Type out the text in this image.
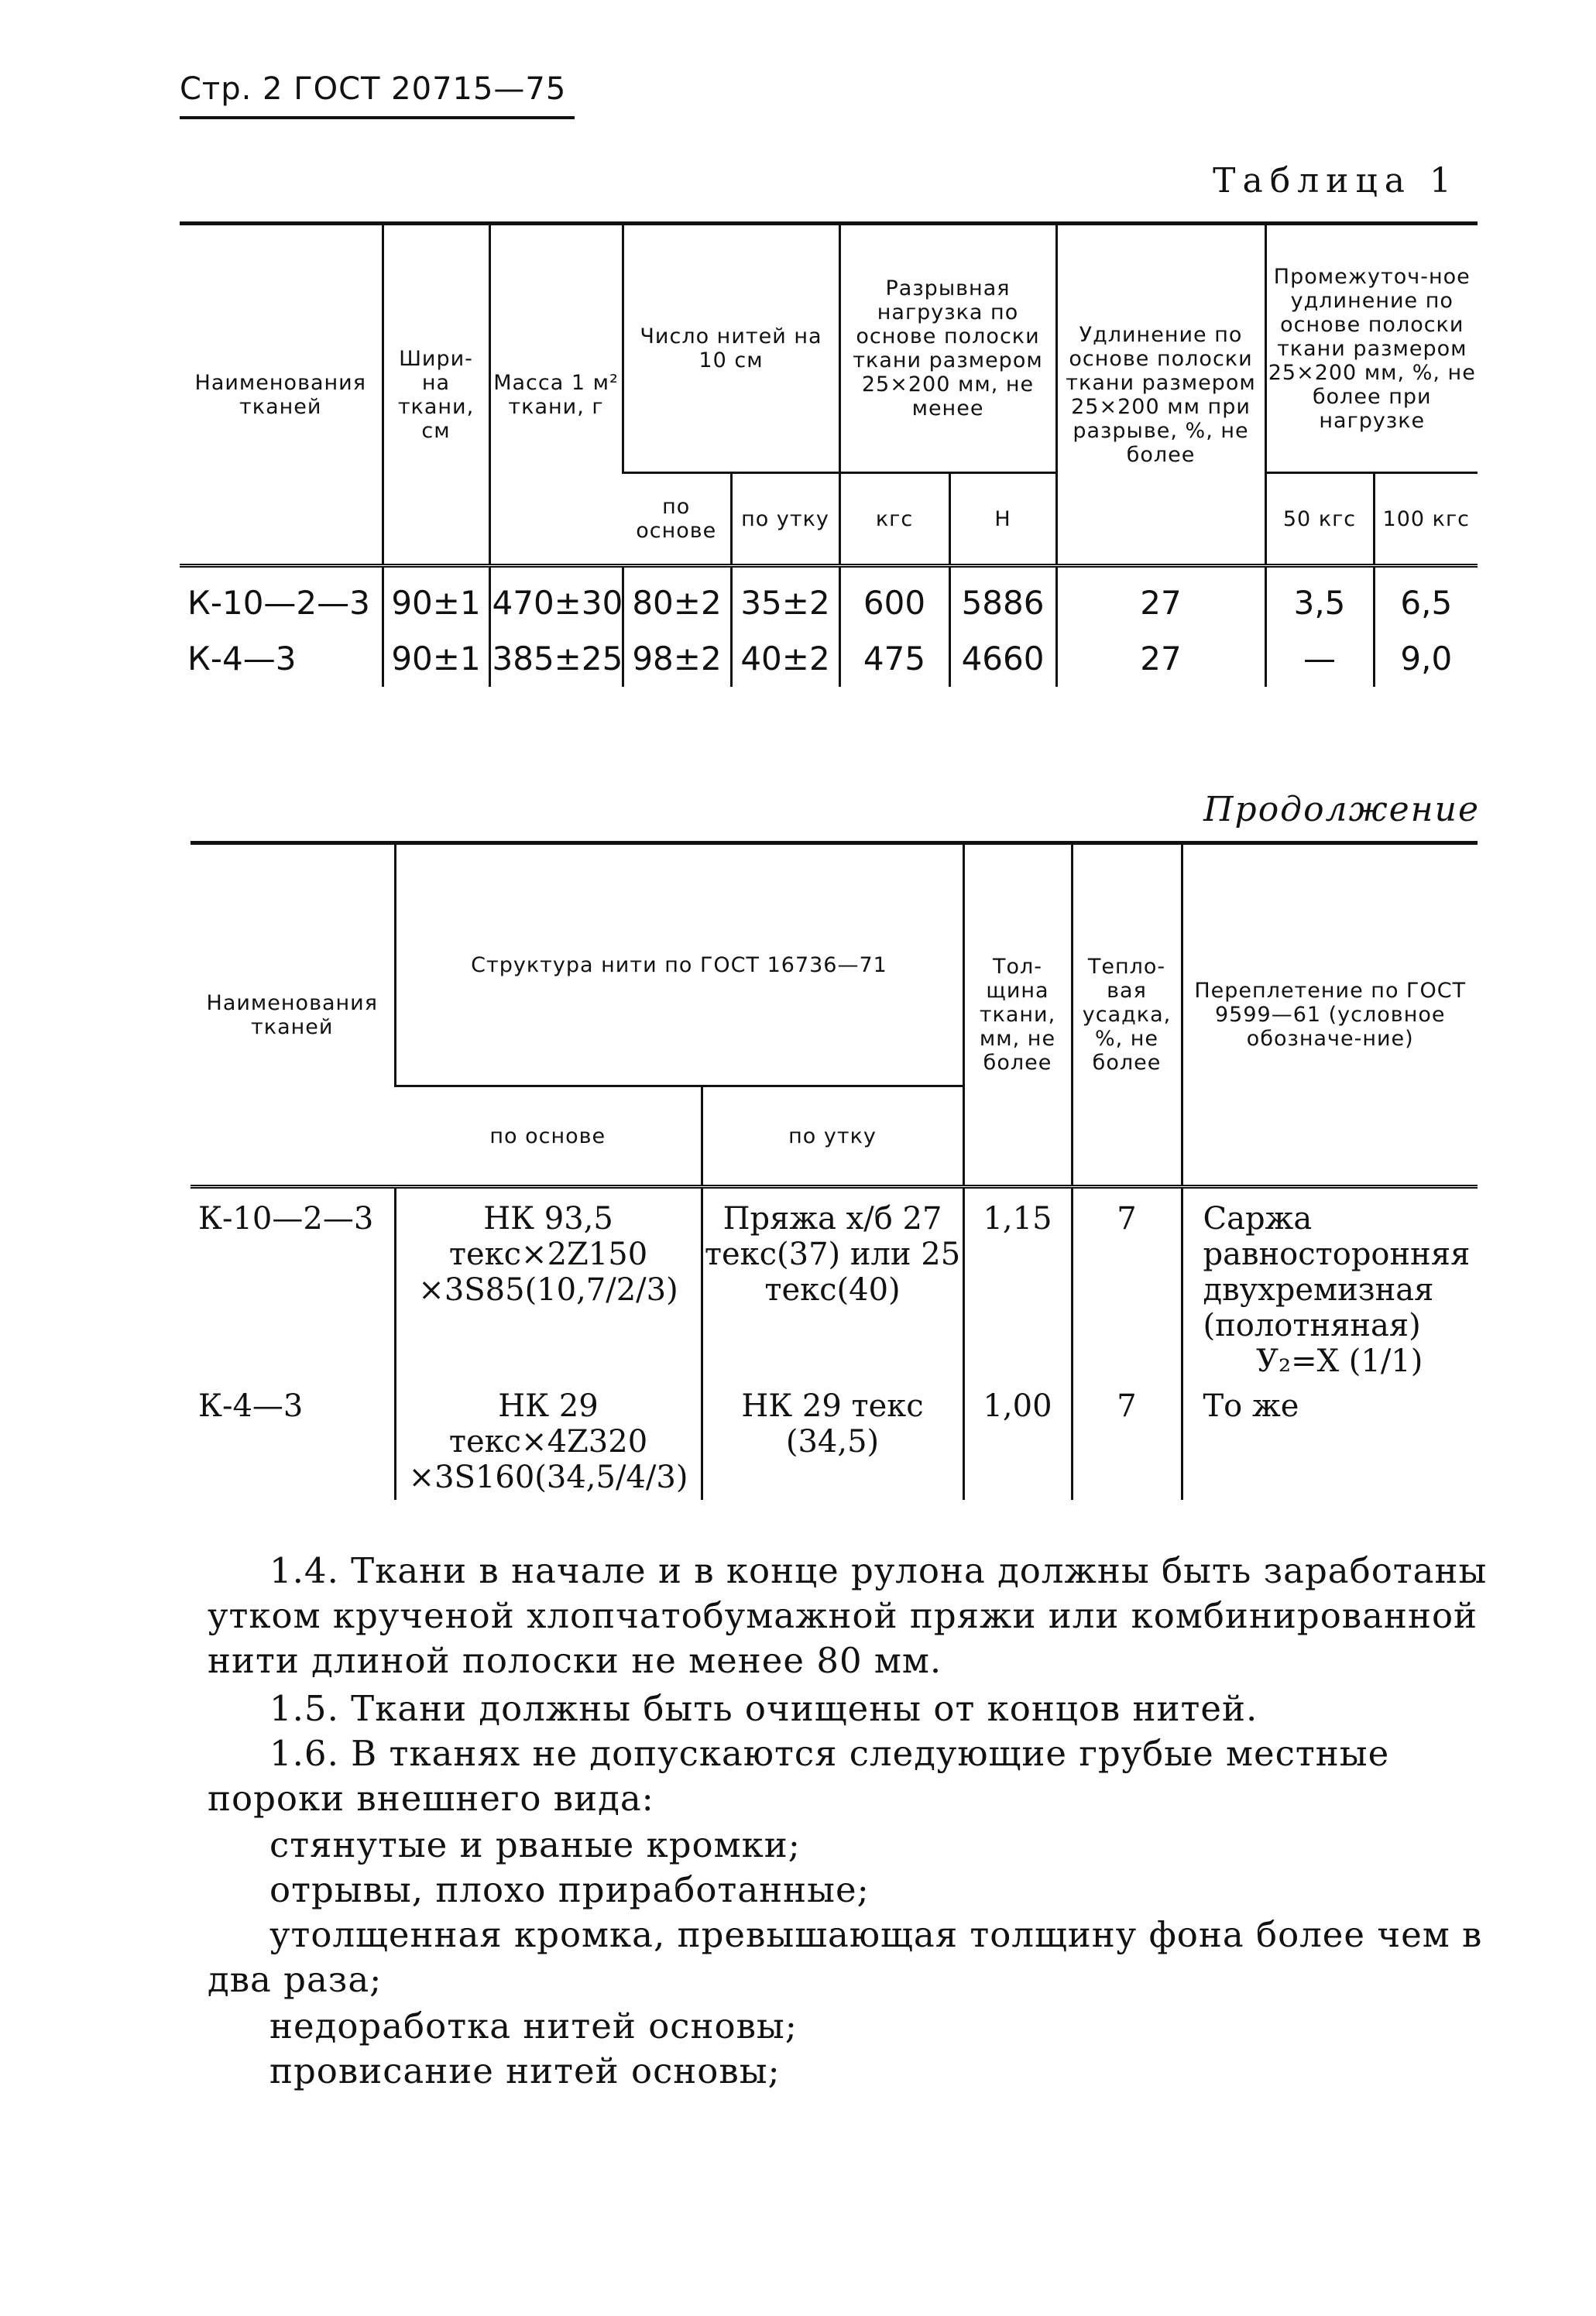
Стр. 2 ГОСТ 20715—75
Таблица 1
Наименования тканей	Шири-на ткани, см	Масса 1 м² ткани, г	Число нитей на 10 см		Разрывная нагрузка по основе полоски ткани размером 25×200 мм, не менее		Удлинение по основе полоски ткани размером 25×200 мм при разрыве, %, не более	Промежуточ-ное удлинение по основе полоски ткани размером 25×200 мм, %, не более при нагрузке	
			по основе	по утку	кгс	Н		50 кгс	100 кгс
К-10—2—3	90±1	470±30	80±2	35±2	600	5886	27	3,5	6,5
К-4—3	90±1	385±25	98±2	40±2	475	4660	27	—	9,0
Продолжение
Наименования тканей	Структура нити по ГОСТ 16736—71		Тол-щина ткани, мм, не более	Тепло-вая усадка, %, не более	Переплетение по ГОСТ 9599—61 (условное обозначе-ние)
	по основе	по утку			
К-10—2—3	НК 93,5 текс×2Z150 ×3S85(10,7/2/3)	Пряжа х/б 27 текс(37) или 25 текс(40)	1,15	7	Саржа равносторонняя двухремизная (полотняная)
У₂=Х (1/1)

К-4—3	НК 29 текс×4Z320 ×3S160(34,5/4/3)	НК 29 текс (34,5)	1,00	7	То же
1.4. Ткани в начале и в конце рулона должны быть заработаны утком крученой хлопчатобумажной пряжи или комбинированной нити длиной полоски не менее 80 мм.
1.5. Ткани должны быть очищены от концов нитей.
1.6. В тканях не допускаются следующие грубые местные пороки внешнего вида:
стянутые и рваные кромки;
отрывы, плохо приработанные;
утолщенная кромка, превышающая толщину фона более чем в два раза;
недоработка нитей основы;
провисание нитей основы;
